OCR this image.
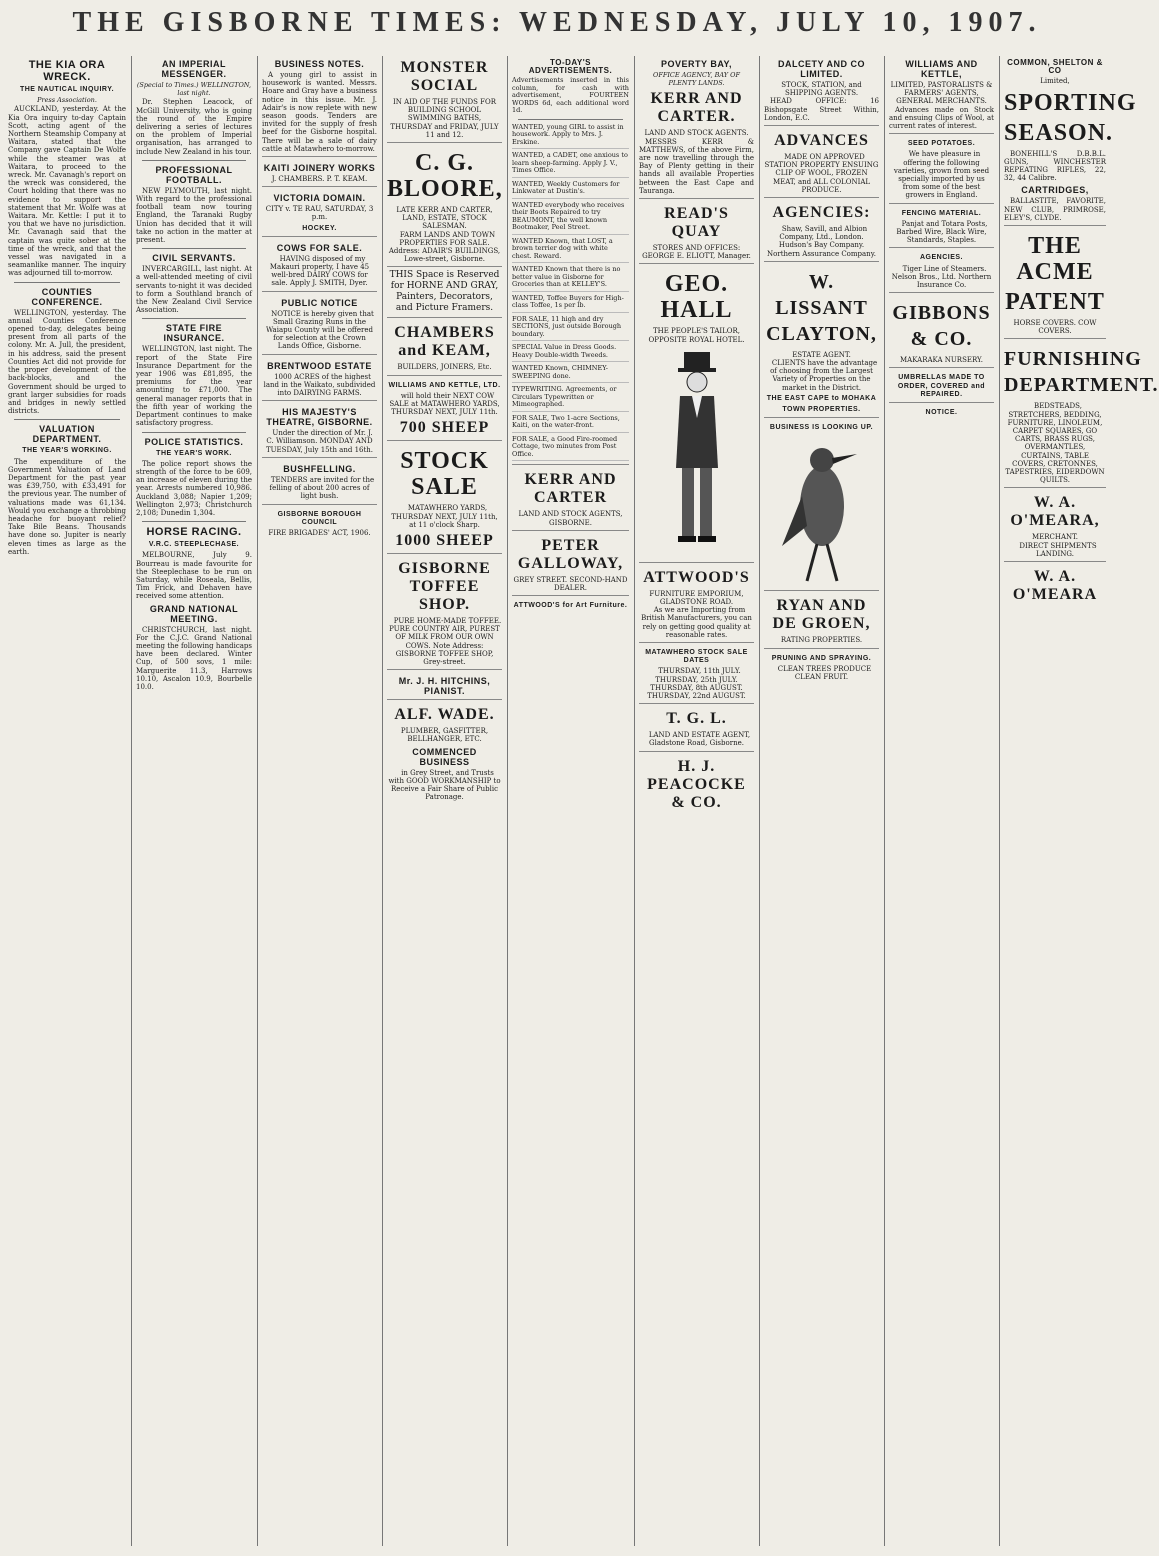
THE GISBORNE TIMES: WEDNESDAY, JULY 10, 1907.
THE KIA ORA WRECK.
THE NAUTICAL INQUIRY.
Press Association.

AUCKLAND, yesterday. At the Kia Ora inquiry to-day Captain Scott, acting agent of the Northern Steamship Company at Waitara, stated that the Company gave Captain De Wolfe while the steamer was at Waitara, to proceed to the wreck. Mr. Cavanagh's report on the wreck was considered, the Court holding that there was no evidence to support the statement that Mr. Wolfe was at Waitara. Mr. Kettle: I put it to you that we have no jurisdiction. Mr. Cavanagh said that the captain was quite sober at the time of the wreck, and that the vessel was navigated in a seamanlike manner. The inquiry was adjourned till to-morrow.

COUNTIES CONFERENCE.

WELLINGTON, yesterday. The annual Counties Conference opened to-day, delegates being present from all parts of the colony. Mr. A. Jull, the president, in his address, said the present Counties Act did not provide for the proper development of the back-blocks, and the Government should be urged to grant larger subsidies for roads and bridges in newly settled districts.

VALUATION DEPARTMENT.
THE YEAR'S WORKING.

The expenditure of the Government Valuation of Land Department for the past year was £39,750, with £33,491 for the previous year. The number of valuations made was 61,134. Would you exchange a throbbing headache for buoyant relief? Take Bile Beans. Thousands have done so. Jupiter is nearly eleven times as large as the earth.

AN IMPERIAL MESSENGER.
(Special to Times.) WELLINGTON, last night.

Dr. Stephen Leacock, of McGill University, who is going the round of the Empire delivering a series of lectures on the problem of Imperial organisation, has arranged to include New Zealand in his tour.

PROFESSIONAL FOOTBALL.

NEW PLYMOUTH, last night. With regard to the professional football team now touring England, the Taranaki Rugby Union has decided that it will take no action in the matter at present.

CIVIL SERVANTS.

INVERCARGILL, last night. At a well-attended meeting of civil servants to-night it was decided to form a Southland branch of the New Zealand Civil Service Association.

STATE FIRE INSURANCE.

WELLINGTON, last night. The report of the State Fire Insurance Department for the year 1906 was £81,895, the premiums for the year amounting to £71,000. The general manager reports that in the fifth year of working the Department continues to make satisfactory progress.

POLICE STATISTICS.
THE YEAR'S WORK.

The police report shows the strength of the force to be 609, an increase of eleven during the year. Arrests numbered 10,986. Auckland 3,088; Napier 1,209; Wellington 2,973; Christchurch 2,108; Dunedin 1,304.

HORSE RACING.
V.R.C. STEEPLECHASE.

MELBOURNE, July 9. Bourreau is made favourite for the Steeplechase to be run on Saturday, while Roseala, Bellis, Tim Frick, and Dehaven have received some attention.

GRAND NATIONAL MEETING.

CHRISTCHURCH, last night. For the C.J.C. Grand National meeting the following handicaps have been declared. Winter Cup, of 500 sovs, 1 mile: Marguerite 11.3, Harrows 10.10, Ascalon 10.9, Bourbelle 10.0.

BUSINESS NOTES.

A young girl to assist in housework is wanted. Messrs. Hoare and Gray have a business notice in this issue. Mr. J. Adair's is now replete with new season goods. Tenders are invited for the supply of fresh beef for the Gisborne hospital. There will be a sale of dairy cattle at Matawhero to-morrow.

KAITI JOINERY WORKS
J. CHAMBERS. P. T. KEAM.
VICTORIA DOMAIN.
CITY v. TE RAU, SATURDAY, 3 p.m.
HOCKEY.
COWS FOR SALE.

HAVING disposed of my Makauri property, I have 45 well-bred DAIRY COWS for sale. Apply J. SMITH, Dyer.

PUBLIC NOTICE

NOTICE is hereby given that Small Grazing Runs in the Waiapu County will be offered for selection at the Crown Lands Office, Gisborne.

BRENTWOOD ESTATE

1000 ACRES of the highest land in the Waikato, subdivided into DAIRYING FARMS.

HIS MAJESTY'S THEATRE, GISBORNE.

Under the direction of Mr. J. C. Williamson. MONDAY AND TUESDAY, July 15th and 16th.

BUSHFELLING.

TENDERS are invited for the felling of about 200 acres of light bush.

GISBORNE BOROUGH COUNCIL
FIRE BRIGADES' ACT, 1906.
MONSTER SOCIAL
IN AID OF THE FUNDS FOR BUILDING SCHOOL SWIMMING BATHS, THURSDAY and FRIDAY, JULY 11 and 12.
C. G. BLOORE,
LATE KERR AND CARTER, LAND, ESTATE, STOCK SALESMAN.

FARM LANDS AND TOWN PROPERTIES FOR SALE. Address: ADAIR'S BUILDINGS, Lowe-street, Gisborne.

THIS Space is Reserved for HORNE AND GRAY, Painters, Decorators, and Picture Framers.
CHAMBERS and KEAM,
BUILDERS, JOINERS, Etc.
WILLIAMS AND KETTLE, LTD.

will hold their NEXT COW SALE at MATAWHERO YARDS, THURSDAY NEXT, JULY 11th.

700 SHEEP
STOCK SALE

MATAWHERO YARDS, THURSDAY NEXT, JULY 11th, at 11 o'clock Sharp.

1000 SHEEP
GISBORNE TOFFEE SHOP.

PURE HOME-MADE TOFFEE. PURE COUNTRY AIR, PUREST OF MILK FROM OUR OWN COWS. Note Address: GISBORNE TOFFEE SHOP, Grey-street.

Mr. J. H. HITCHINS, PIANIST.
ALF. WADE.
PLUMBER, GASFITTER, BELLHANGER, ETC.
COMMENCED BUSINESS

in Grey Street, and Trusts with GOOD WORKMANSHIP to Receive a Fair Share of Public Patronage.

TO-DAY'S ADVERTISEMENTS.
Advertisements inserted in this column, for cash with advertisement, FOURTEEN WORDS 6d, each additional word 1d.
WANTED, young GIRL to assist in housework. Apply to Mrs. J. Erskine.
WANTED, a CADET, one anxious to learn sheep-farming. Apply J. V., Times Office.
WANTED, Weekly Customers for Linkwater at Dustin's.
WANTED everybody who receives their Boots Repaired to try BEAUMONT, the well known Bootmaker, Peel Street.
WANTED Known, that LOST, a brown terrier dog with white chest. Reward.
WANTED Known that there is no better value in Gisborne for Groceries than at KELLEY'S.
WANTED, Toffee Buyers for High-class Toffee, 1s per lb.
FOR SALE, 11 high and dry SECTIONS, just outside Borough boundary.
SPECIAL Value in Dress Goods. Heavy Double-width Tweeds.
WANTED Known, CHIMNEY-SWEEPING done.
TYPEWRITING. Agreements, or Circulars Typewritten or Mimeographed.
FOR SALE, Two 1-acre Sections, Kaiti, on the water-front.
FOR SALE, a Good Fire-roomed Cottage, two minutes from Post Office.
KERR AND CARTER
LAND AND STOCK AGENTS, GISBORNE.
PETER GALLOWAY,
GREY STREET. SECOND-HAND DEALER.
ATTWOOD'S for Art Furniture.
POVERTY BAY,
OFFICE AGENCY, BAY OF PLENTY LANDS.
KERR AND CARTER.
LAND AND STOCK AGENTS.

MESSRS KERR & MATTHEWS, of the above Firm, are now travelling through the Bay of Plenty getting in their hands all available Properties between the East Cape and Tauranga.

READ'S QUAY
STORES AND OFFICES: GEORGE E. ELIOTT, Manager.
GEO. HALL
THE PEOPLE'S TAILOR, OPPOSITE ROYAL HOTEL.
ATTWOOD'S
FURNITURE EMPORIUM, GLADSTONE ROAD.

As we are Importing from British Manufacturers, you can rely on getting good quality at reasonable rates.

MATAWHERO STOCK SALE DATES

THURSDAY, 11th JULY. THURSDAY, 25th JULY. THURSDAY, 8th AUGUST. THURSDAY, 22nd AUGUST.

T. G. L.

LAND AND ESTATE AGENT, Gladstone Road, Gisborne.

H. J. PEACOCKE & CO.
DALCETY AND CO LIMITED.
STOCK, STATION, and SHIPPING AGENTS.

HEAD OFFICE: 16 Bishopsgate Street Within, London, E.C.

ADVANCES

MADE ON APPROVED STATION PROPERTY ENSUING CLIP OF WOOL, FROZEN MEAT, and ALL COLONIAL PRODUCE.

AGENCIES:

Shaw, Savill, and Albion Company, Ltd., London. Hudson's Bay Company. Northern Assurance Company.

W. LISSANT CLAYTON,
ESTATE AGENT.

CLIENTS have the advantage of choosing from the Largest Variety of Properties on the market in the District.

THE EAST CAPE to MOHAKA
TOWN PROPERTIES.
BUSINESS IS LOOKING UP.
RYAN AND DE GROEN,
RATING PROPERTIES.
PRUNING AND SPRAYING.

CLEAN TREES PRODUCE CLEAN FRUIT.

WILLIAMS AND KETTLE,
LIMITED, PASTORALISTS & FARMERS' AGENTS, GENERAL MERCHANTS.

Advances made on Stock and ensuing Clips of Wool, at current rates of interest.

SEED POTATOES.

We have pleasure in offering the following varieties, grown from seed specially imported by us from some of the best growers in England.

FENCING MATERIAL.

Panjat and Totara Posts, Barbed Wire, Black Wire, Standards, Staples.

AGENCIES.

Tiger Line of Steamers. Nelson Bros., Ltd. Northern Insurance Co.

GIBBONS & CO.
MAKARAKA NURSERY.
UMBRELLAS MADE TO ORDER, COVERED and REPAIRED.
NOTICE.
COMMON, SHELTON & CO
Limited,
SPORTING
SEASON.

BONEHILL'S D.B.B.L. GUNS, WINCHESTER REPEATING RIFLES, 22, 32, 44 Calibre.

CARTRIDGES,

BALLASTITE, FAVORITE, NEW CLUB, PRIMROSE, ELEY'S, CLYDE.

THE ACME
PATENT
HORSE COVERS. COW COVERS.
FURNISHING DEPARTMENT.

BEDSTEADS, STRETCHERS, BEDDING, FURNITURE, LINOLEUM, CARPET SQUARES, GO CARTS, BRASS RUGS, OVERMANTLES, CURTAINS, TABLE COVERS, CRETONNES, TAPESTRIES, EIDERDOWN QUILTS.

W. A. O'MEARA,
MERCHANT.

DIRECT SHIPMENTS LANDING.

W. A. O'MEARA
